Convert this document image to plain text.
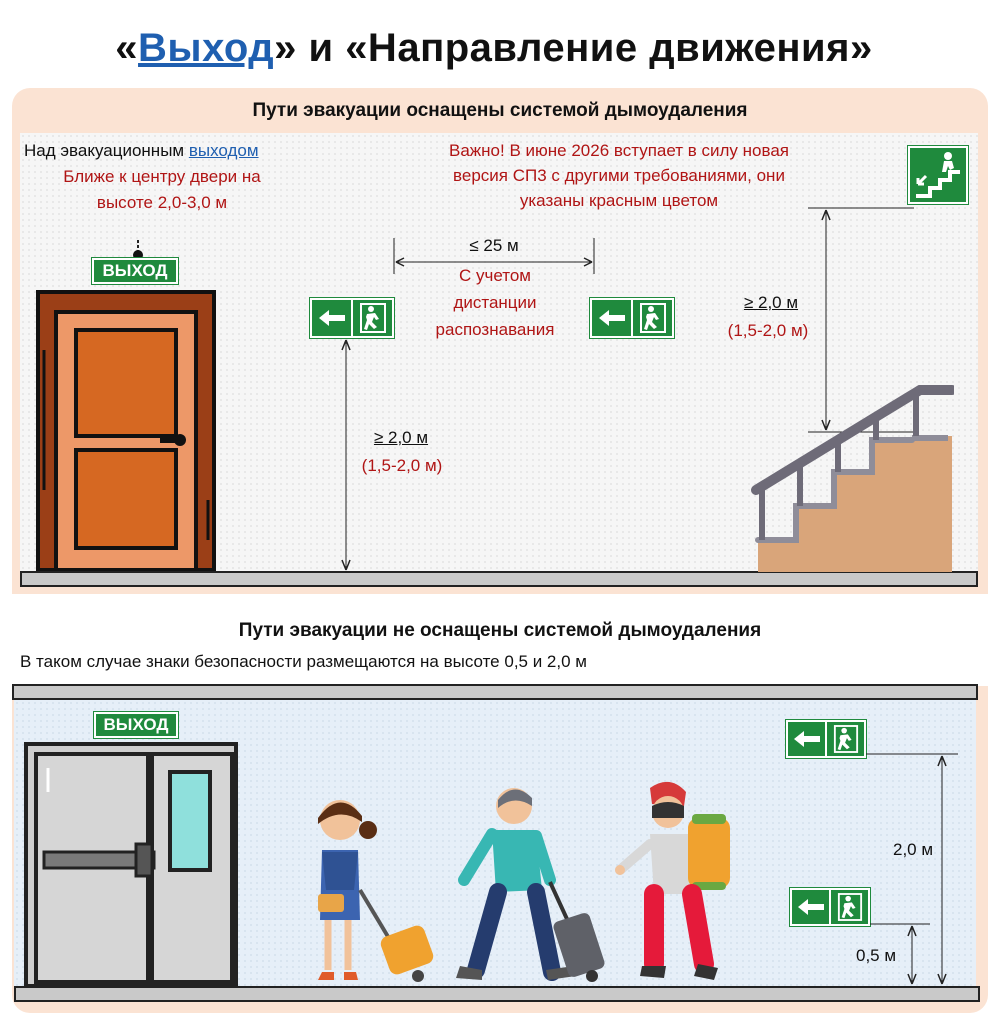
«Выход» и «Направление движения»
Пути эвакуации оснащены системой дымоудаления
Над эвакуационным выходом
Ближе к центру двери на
высоте 2,0-3,0 м
Важно! В июне 2026 вступает в силу новая
версия СП3 с другими требованиями, они
указаны красным цветом
ВЫХОД
≤ 25 м
С учетом
дистанции
распознавания
≥ 2,0 м
(1,5-2,0 м)
≥ 2,0 м
(1,5-2,0 м)
Пути эвакуации не оснащены системой дымоудаления
В таком случае знаки безопасности размещаются на высоте 0,5 и 2,0 м
ВЫХОД
2,0 м
0,5 м
